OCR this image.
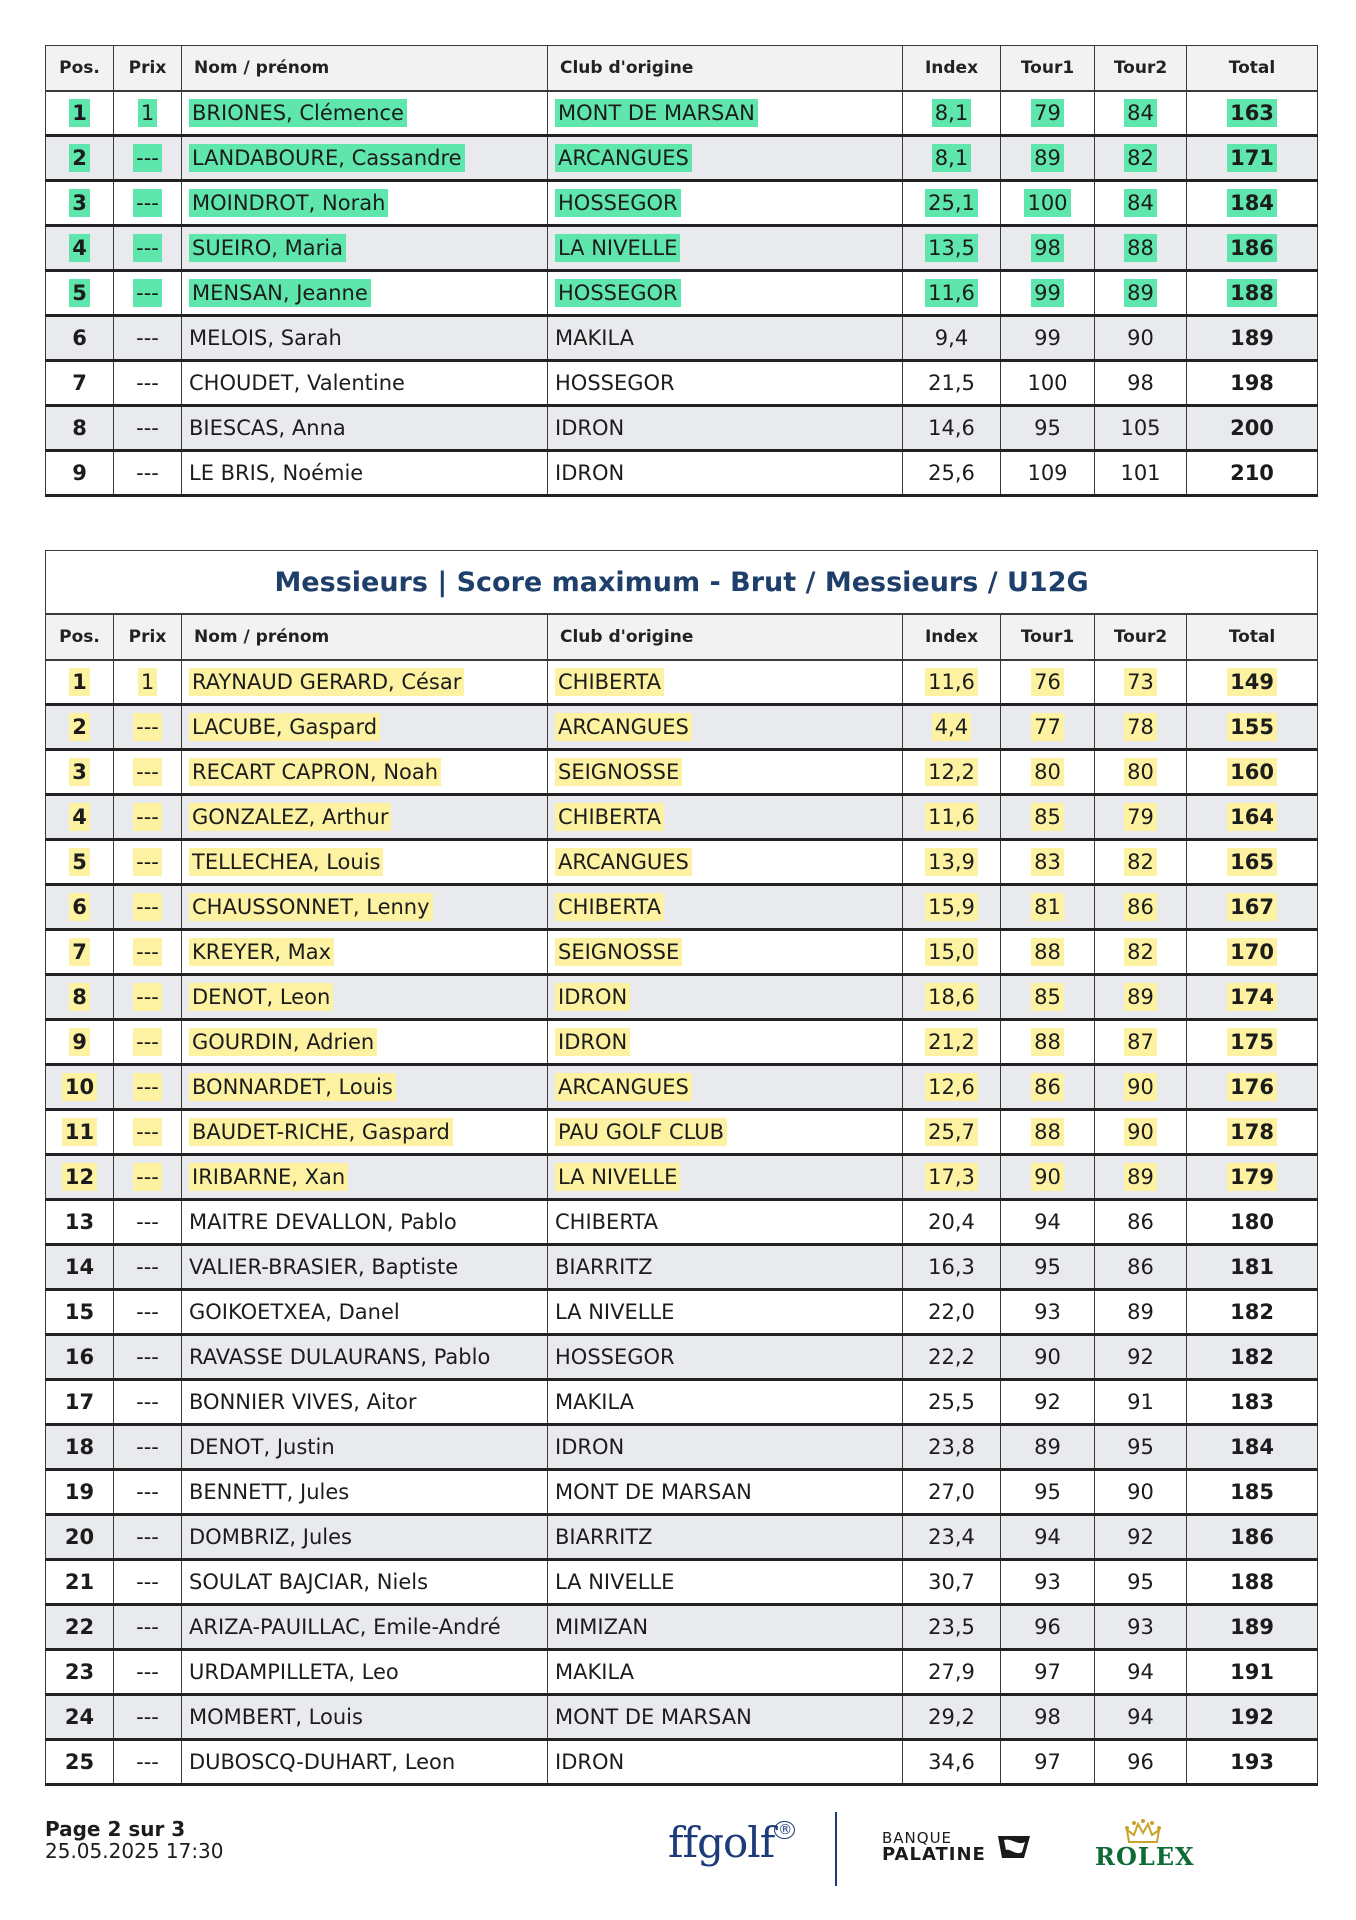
Pos.	Prix	Nom / prénom	Club d'origine	Index	Tour1	Tour2	Total
1	1	BRIONES, Clémence	MONT DE MARSAN	8,1	79	84	163
2	---	LANDABOURE, Cassandre	ARCANGUES	8,1	89	82	171
3	---	MOINDROT, Norah	HOSSEGOR	25,1	100	84	184
4	---	SUEIRO, Maria	LA NIVELLE	13,5	98	88	186
5	---	MENSAN, Jeanne	HOSSEGOR	11,6	99	89	188
6	---	MELOIS, Sarah	MAKILA	9,4	99	90	189
7	---	CHOUDET, Valentine	HOSSEGOR	21,5	100	98	198
8	---	BIESCAS, Anna	IDRON	14,6	95	105	200
9	---	LE BRIS, Noémie	IDRON	25,6	109	101	210
Messieurs | Score maximum - Brut / Messieurs / U12G							
Pos.	Prix	Nom / prénom	Club d'origine	Index	Tour1	Tour2	Total
1	1	RAYNAUD GERARD, César	CHIBERTA	11,6	76	73	149
2	---	LACUBE, Gaspard	ARCANGUES	4,4	77	78	155
3	---	RECART CAPRON, Noah	SEIGNOSSE	12,2	80	80	160
4	---	GONZALEZ, Arthur	CHIBERTA	11,6	85	79	164
5	---	TELLECHEA, Louis	ARCANGUES	13,9	83	82	165
6	---	CHAUSSONNET, Lenny	CHIBERTA	15,9	81	86	167
7	---	KREYER, Max	SEIGNOSSE	15,0	88	82	170
8	---	DENOT, Leon	IDRON	18,6	85	89	174
9	---	GOURDIN, Adrien	IDRON	21,2	88	87	175
10	---	BONNARDET, Louis	ARCANGUES	12,6	86	90	176
11	---	BAUDET-RICHE, Gaspard	PAU GOLF CLUB	25,7	88	90	178
12	---	IRIBARNE, Xan	LA NIVELLE	17,3	90	89	179
13	---	MAITRE DEVALLON, Pablo	CHIBERTA	20,4	94	86	180
14	---	VALIER-BRASIER, Baptiste	BIARRITZ	16,3	95	86	181
15	---	GOIKOETXEA, Danel	LA NIVELLE	22,0	93	89	182
16	---	RAVASSE DULAURANS, Pablo	HOSSEGOR	22,2	90	92	182
17	---	BONNIER VIVES, Aitor	MAKILA	25,5	92	91	183
18	---	DENOT, Justin	IDRON	23,8	89	95	184
19	---	BENNETT, Jules	MONT DE MARSAN	27,0	95	90	185
20	---	DOMBRIZ, Jules	BIARRITZ	23,4	94	92	186
21	---	SOULAT BAJCIAR, Niels	LA NIVELLE	30,7	93	95	188
22	---	ARIZA-PAUILLAC, Emile-André	MIMIZAN	23,5	96	93	189
23	---	URDAMPILLETA, Leo	MAKILA	27,9	97	94	191
24	---	MOMBERT, Louis	MONT DE MARSAN	29,2	98	94	192
25	---	DUBOSCQ-DUHART, Leon	IDRON	34,6	97	96	193
Page 2 sur 3
25.05.2025 17:30	ffgolf ®	BANQUE
PALATINE	ROLEX
